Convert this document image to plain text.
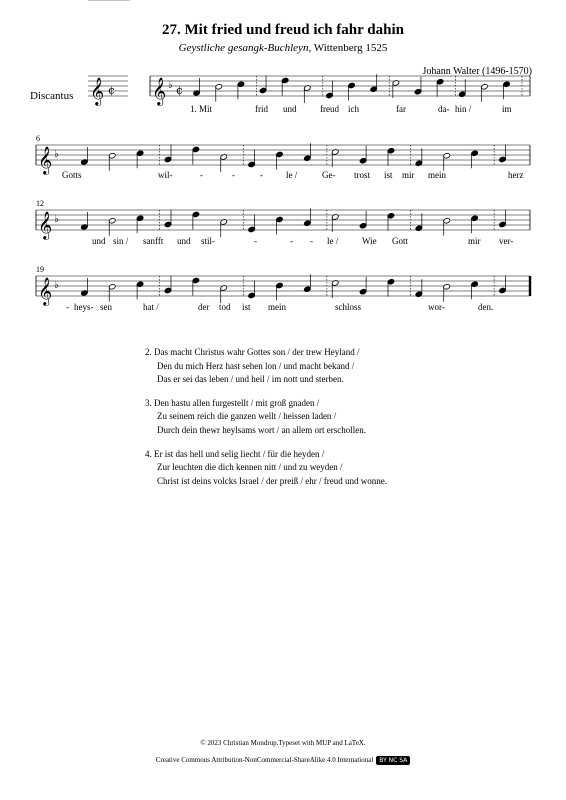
27. Mit fried und freud ich fahr dahin
Geystliche gesangk-Buchleyn, Wittenberg 1525
Johann Walter (1496-1570)
Discantus 𝄞 𝄞 ♭
𝄞 ♭
𝄞 ♭
𝄞 ♭
¢	¢
6
12
19
1. Mit	frid und	freud ich	far	da- hin /	im
Gotts	wil-	-	-	-	le /	Ge- trost ist mir mein	herz
und sin / sanfft und stil-	-	- - le /	Wie Gott	mir ver-
- heys- sen	hat /	der tod ist mein	schloss	wor-	den.
2. Das macht Christus wahr Gottes son / der trew Heyland /
Den du mich Herz hast sehen lon / und macht bekand /
Das er sei das leben / und heil / im nott und sterben.
3. Den hastu allen furgestellt / mit groß gnaden /
Zu seinem reich die ganzen wellt / heissen laden /
Durch dein thewr heylsams wort / an allem ort erschollen.
4. Er ist das hell und selig liecht / für die heyden /
Zur leuchten die dich kennen nitt / und zu weyden /
Christ ist deins volcks Israel / der preiß / ehr / freud und wonne.
© 2023 Christian Mondrup.Typeset with MUP and LaTeX.
Creative Commons Attribution-NonCommercial-ShareAlike 4.0 International BY NC SA
